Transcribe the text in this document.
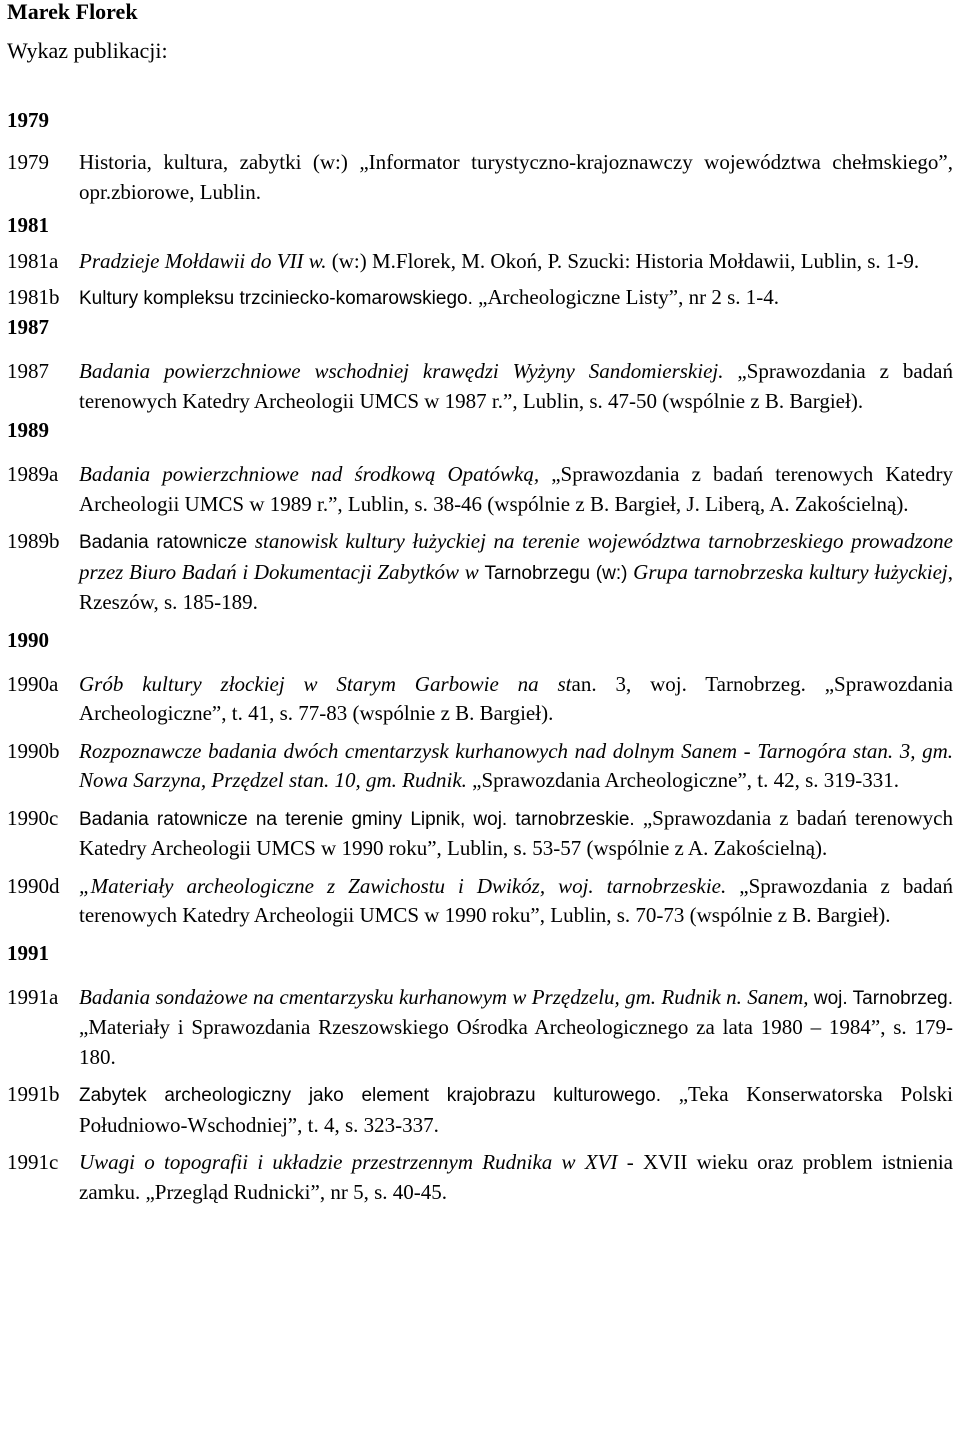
Marek Florek
Wykaz publikacji:
1979
1979	Historia, kultura, zabytki (w:) „Informator turystyczno-krajoznawczy województwa chełmskiego”, opr.zbiorowe, Lublin.
1981
1981a Pradzieje Mołdawii do VII w. (w:) M.Florek, M. Okoń, P. Szucki: Historia Mołdawii, Lublin, s. 1-9.
1981b	Kultury kompleksu trzciniecko-komarowskiego. „Archeologiczne Listy”, nr 2 s. 1-4.
1987
1987	Badania powierzchniowe wschodniej krawędzi Wyżyny Sandomierskiej. „Sprawozdania z badań terenowych Katedry Archeologii UMCS w 1987 r.”, Lublin, s. 47-50 (wspólnie z B. Bargieł).
1989
1989a Badania powierzchniowe nad środkową Opatówką, „Sprawozdania z badań terenowych Katedry Archeologii UMCS w 1989 r.”, Lublin, s. 38-46 (wspólnie z B. Bargieł, J. Liberą, A. Zakościelną).
1989b	Badania ratownicze stanowisk kultury łużyckiej na terenie województwa tarnobrzeskiego prowadzone przez Biuro Badań i Dokumentacji Zabytków w Tarnobrzegu (w:) Grupa tarnobrzeska kultury łużyckiej, Rzeszów, s. 185-189.
1990
1990a Grób kultury złockiej w Starym Garbowie na stan. 3, woj. Tarnobrzeg. „Sprawozdania Archeologiczne”, t. 41, s. 77-83 (wspólnie z B. Bargieł).
1990b Rozpoznawcze badania dwóch cmentarzysk kurhanowych nad dolnym Sanem - Tarnogóra stan. 3, gm. Nowa Sarzyna, Przędzel stan. 10, gm. Rudnik. „Sprawozdania Archeologiczne”, t. 42, s. 319-331.
1990c	Badania ratownicze na terenie gminy Lipnik, woj. tarnobrzeskie. „Sprawozdania z badań terenowych Katedry Archeologii UMCS w 1990 roku”, Lublin, s. 53-57 (wspólnie z A. Zakościelną).
1990d „Materiały archeologiczne z Zawichostu i Dwikóz, woj. tarnobrzeskie. „Sprawozdania z badań terenowych Katedry Archeologii UMCS w 1990 roku”, Lublin, s. 70-73 (wspólnie z B. Bargieł).
1991
1991a Badania sondażowe na cmentarzysku kurhanowym w Przędzelu, gm. Rudnik n. Sanem, woj. Tarnobrzeg. „Materiały i Sprawozdania Rzeszowskiego Ośrodka Archeologicznego za lata 1980 – 1984”, s. 179-180.
1991b	Zabytek archeologiczny jako element krajobrazu kulturowego. „Teka Konserwatorska Polski Południowo-Wschodniej”, t. 4, s. 323-337.
1991c Uwagi o topografii i układzie przestrzennym Rudnika w XVI - XVII wieku oraz problem istnienia zamku. „Przegląd Rudnicki”, nr 5, s. 40-45.
